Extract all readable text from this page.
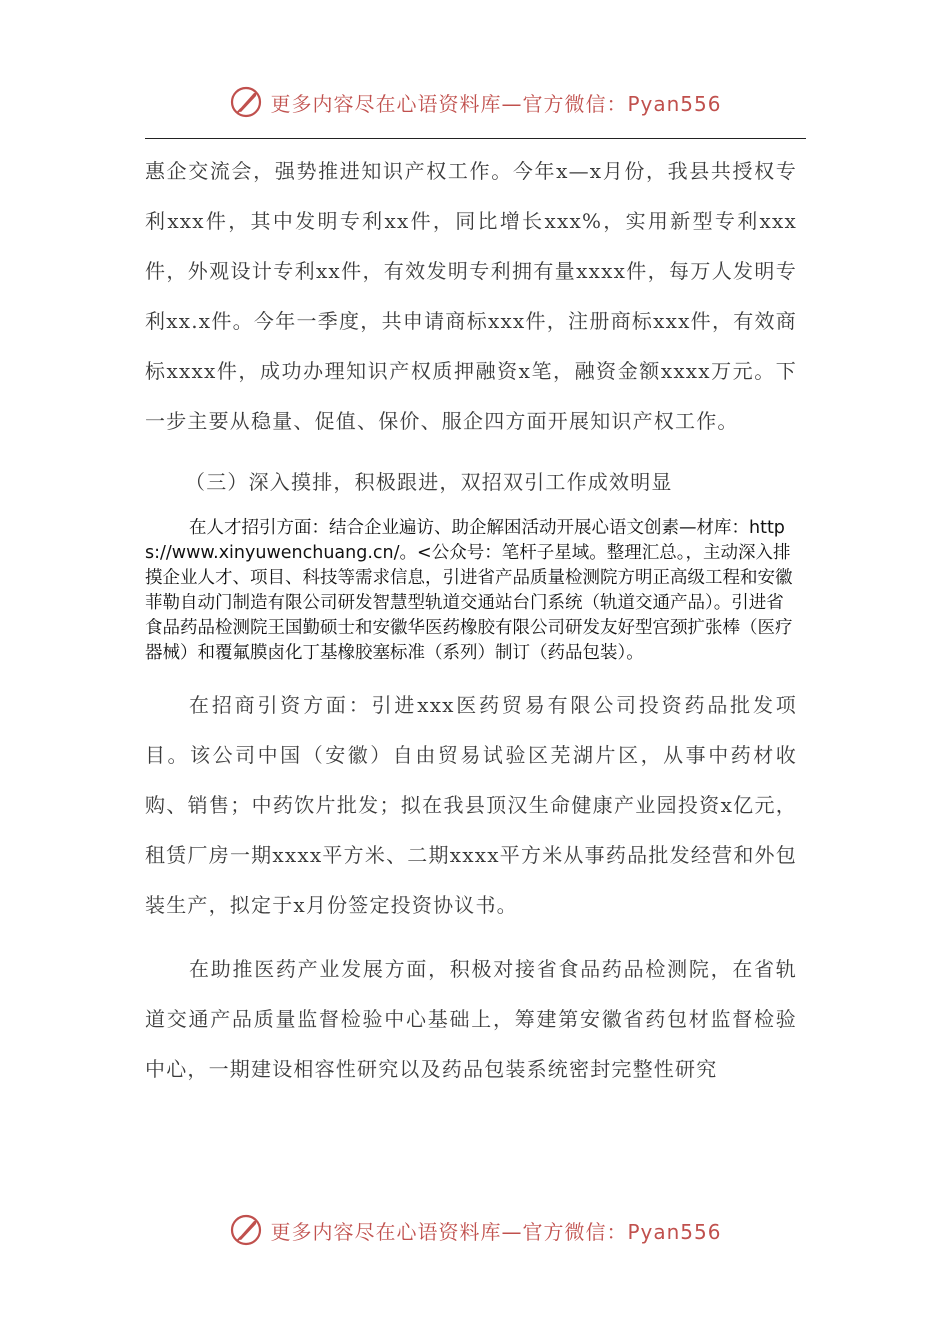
更多内容尽在心语资料库—官方微信：Pyan556

惠企交流会，强势推进知识产权工作。今年x—x月份，我县共授权专利xxx件，其中发明专利xx件，同比增长xxx%，实用新型专利xxx件，外观设计专利xx件，有效发明专利拥有量xxxx件，每万人发明专利xx.x件。今年一季度，共申请商标xxx件，注册商标xxx件，有效商标xxxx件，成功办理知识产权质押融资x笔，融资金额xxxx万元。下一步主要从稳量、促值、保价、服企四方面开展知识产权工作。

（三）深入摸排，积极跟进，双招双引工作成效明显

在人才招引方面：结合企业遍访、助企解困活动开展心语文创素—材库：https://www.xinyuwenchuang.cn/。<公众号：笔杆子星域。整理汇总。，主动深入排摸企业人才、项目、科技等需求信息，引进省产品质量检测院方明正高级工程和安徽菲勒自动门制造有限公司研发智慧型轨道交通站台门系统（轨道交通产品）。引进省食品药品检测院王国勤硕士和安徽华医药橡胶有限公司研发友好型宫颈扩张棒（医疗器械）和覆氟膜卤化丁基橡胶塞标准（系列）制订（药品包装）。

在招商引资方面：引进xxx医药贸易有限公司投资药品批发项目。该公司中国（安徽）自由贸易试验区芜湖片区，从事中药材收购、销售；中药饮片批发；拟在我县顶汉生命健康产业园投资x亿元，租赁厂房一期xxxx平方米、二期xxxx平方米从事药品批发经营和外包装生产，拟定于x月份签定投资协议书。

在助推医药产业发展方面，积极对接省食品药品检测院，在省轨道交通产品质量监督检验中心基础上，筹建第安徽省药包材监督检验中心，一期建设相容性研究以及药品包装系统密封完整性研究

更多内容尽在心语资料库—官方微信：Pyan556
